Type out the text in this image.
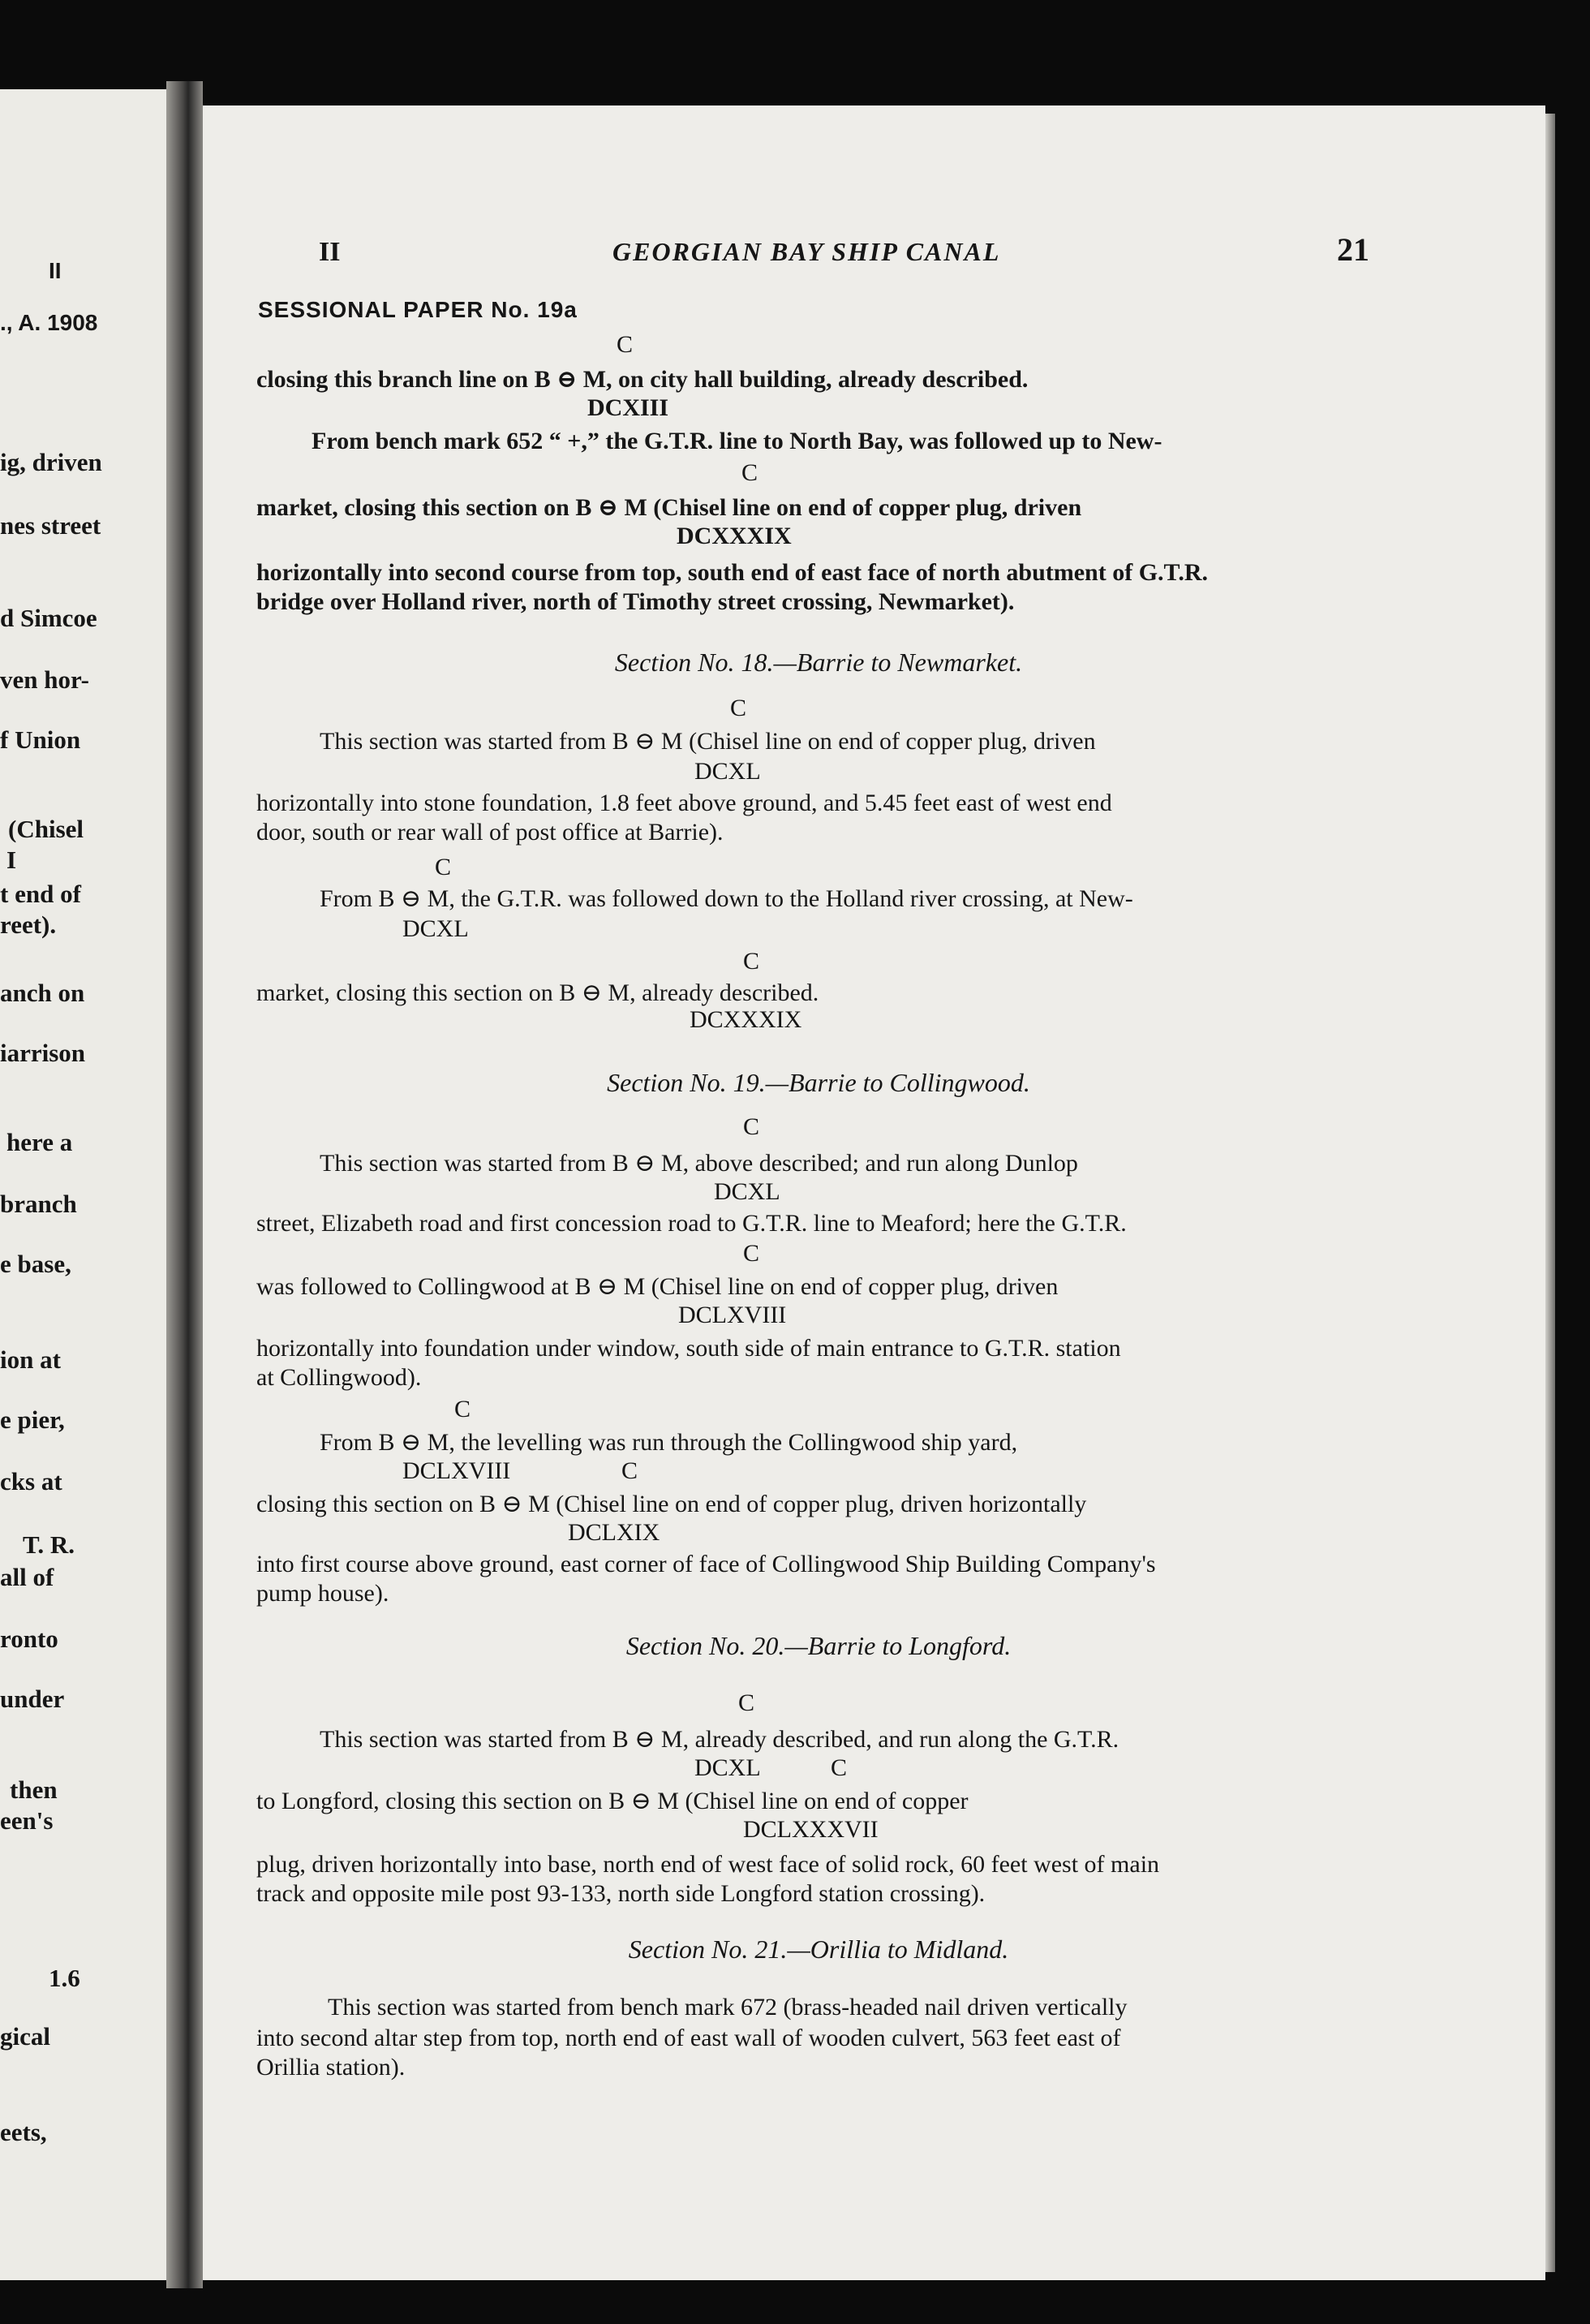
II
., A. 1908
ig, driven
nes street
d Simcoe
ven hor-
f Union
(Chisel
I
t end of
reet).
anch on
iarrison
here a
branch
e base,
ion at
e pier,
cks at
T. R.
all of
ronto
under
then
een's
1.6
gical
eets,
II	GEORGIAN BAY SHIP CANAL	21
SESSIONAL PAPER No. 19a
C
closing this branch line on B ⊖ M, on city hall building, already described.
DCXIII
From bench mark 652 “ +,” the G.T.R. line to North Bay, was followed up to New-
C
market, closing this section on B ⊖ M (Chisel line on end of copper plug, driven
DCXXXIX
horizontally into second course from top, south end of east face of north abutment of G.T.R.
bridge over Holland river, north of Timothy street crossing, Newmarket).
Section No. 18.—Barrie to Newmarket.
C
This section was started from B ⊖ M (Chisel line on end of copper plug, driven
DCXL
horizontally into stone foundation, 1.8 feet above ground, and 5.45 feet east of west end
door, south or rear wall of post office at Barrie).
C
From B ⊖ M, the G.T.R. was followed down to the Holland river crossing, at New-
DCXL
C
market, closing this section on B ⊖ M, already described.
DCXXXIX
Section No. 19.—Barrie to Collingwood.
C
This section was started from B ⊖ M, above described; and run along Dunlop
DCXL
street, Elizabeth road and first concession road to G.T.R. line to Meaford; here the G.T.R.
C
was followed to Collingwood at B ⊖ M (Chisel line on end of copper plug, driven
DCLXVIII
horizontally into foundation under window, south side of main entrance to G.T.R. station
at Collingwood).
C
From B ⊖ M, the levelling was run through the Collingwood ship yard,
DCLXVIII	C
closing this section on B ⊖ M (Chisel line on end of copper plug, driven horizontally
DCLXIX
into first course above ground, east corner of face of Collingwood Ship Building Company's
pump house).
Section No. 20.—Barrie to Longford.
C
This section was started from B ⊖ M, already described, and run along the G.T.R.
DCXL	C
to Longford, closing this section on B ⊖ M (Chisel line on end of copper
DCLXXXVII
plug, driven horizontally into base, north end of west face of solid rock, 60 feet west of main
track and opposite mile post 93-133, north side Longford station crossing).
Section No. 21.—Orillia to Midland.
This section was started from bench mark 672 (brass-headed nail driven vertically
into second altar step from top, north end of east wall of wooden culvert, 563 feet east of
Orillia station).
